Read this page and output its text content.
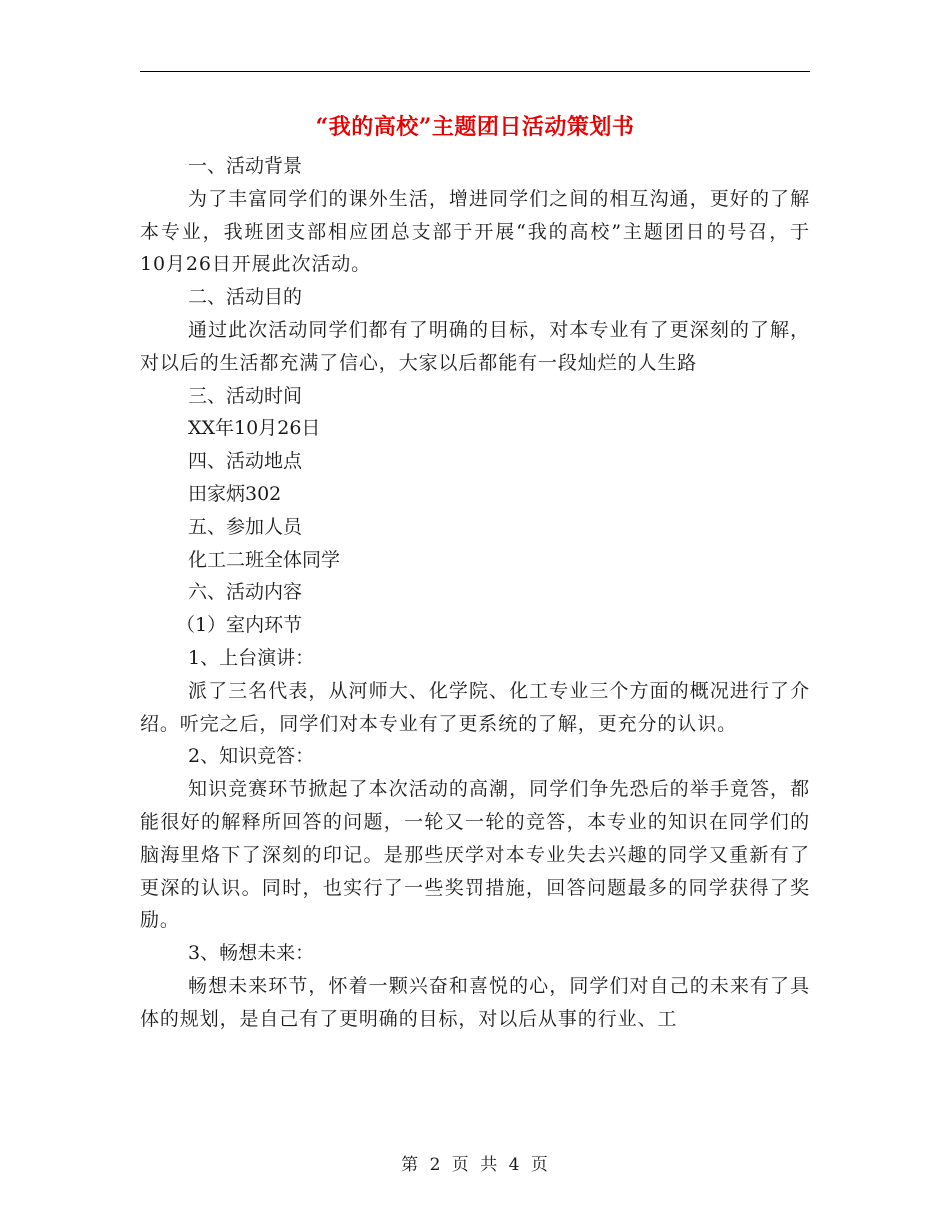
“我的高校”主题团日活动策划书

一、活动背景

为了丰富同学们的课外生活，增进同学们之间的相互沟通，更好的了解本专业，我班团支部相应团总支部于开展“我的高校”主题团日的号召，于 10月26日开展此次活动。

二、活动目的

通过此次活动同学们都有了明确的目标，对本专业有了更深刻的了解，对以后的生活都充满了信心，大家以后都能有一段灿烂的人生路

三、活动时间

XX年10月26日

四、活动地点

田家炳302

五、参加人员

化工二班全体同学

六、活动内容

（1）室内环节

1、上台演讲：

派了三名代表，从河师大、化学院、化工专业三个方面的概况进行了介绍。听完之后，同学们对本专业有了更系统的了解，更充分的认识。

2、知识竞答：

知识竞赛环节掀起了本次活动的高潮，同学们争先恐后的举手竟答，都能很好的解释所回答的问题，一轮又一轮的竞答，本专业的知识在同学们的脑海里烙下了深刻的印记。是那些厌学对本专业失去兴趣的同学又重新有了更深的认识。同时，也实行了一些奖罚措施，回答问题最多的同学获得了奖励。

3、畅想未来：

畅想未来环节，怀着一颗兴奋和喜悦的心，同学们对自己的未来有了具体的规划，是自己有了更明确的目标，对以后从事的行业、工

第 2 页 共 4 页
